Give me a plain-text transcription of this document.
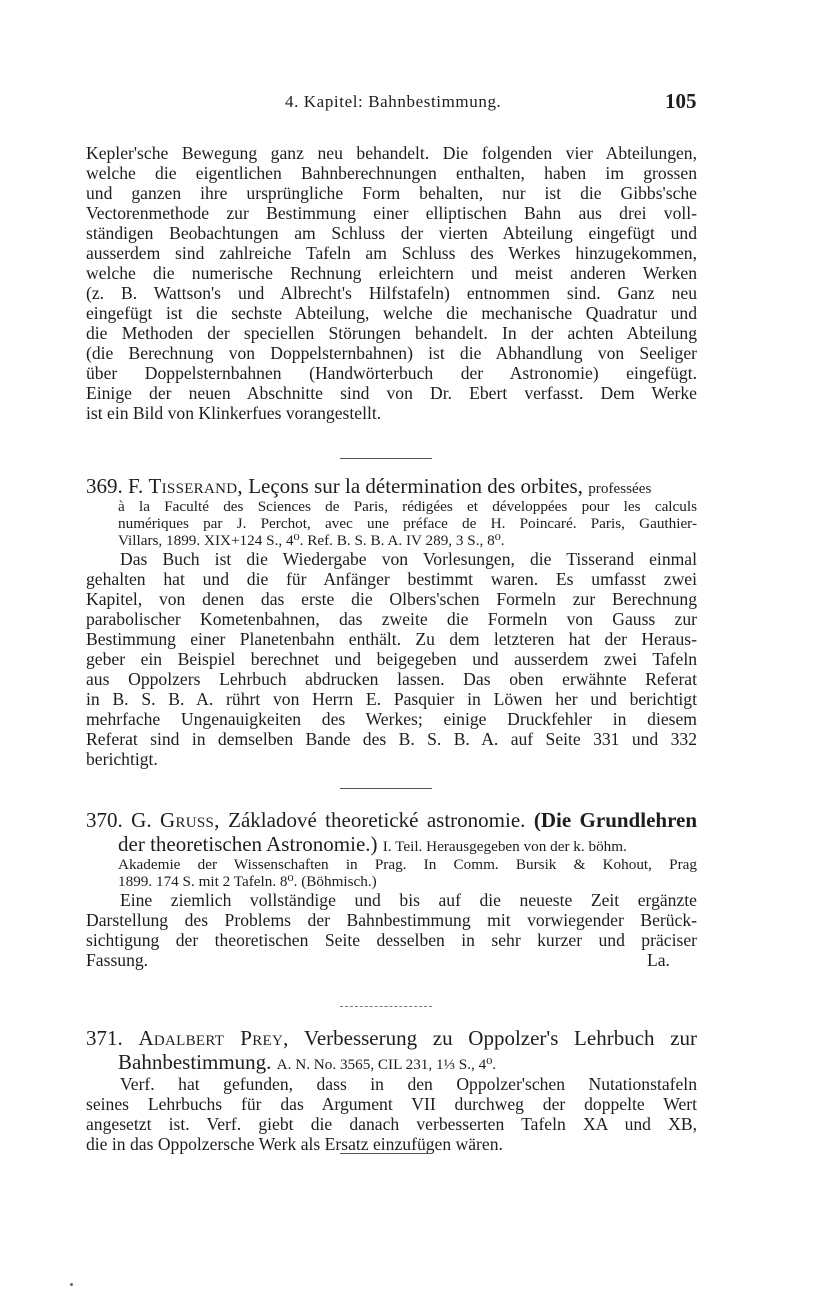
4. Kapitel: Bahnbestimmung.	105
Kepler'sche Bewegung ganz neu behandelt. Die folgenden vier Abteilungen,
welche die eigentlichen Bahnberechnungen enthalten, haben im grossen
und ganzen ihre ursprüngliche Form behalten, nur ist die Gibbs'sche
Vectorenmethode zur Bestimmung einer elliptischen Bahn aus drei voll-
ständigen Beobachtungen am Schluss der vierten Abteilung eingefügt und
ausserdem sind zahlreiche Tafeln am Schluss des Werkes hinzugekommen,
welche die numerische Rechnung erleichtern und meist anderen Werken
(z. B. Wattson's und Albrecht's Hilfstafeln) entnommen sind. Ganz neu
eingefügt ist die sechste Abteilung, welche die mechanische Quadratur und
die Methoden der speciellen Störungen behandelt. In der achten Abteilung
(die Berechnung von Doppelsternbahnen) ist die Abhandlung von Seeliger
über Doppelsternbahnen (Handwörterbuch der Astronomie) eingefügt.
Einige der neuen Abschnitte sind von Dr. Ebert verfasst. Dem Werke
ist ein Bild von Klinkerfues vorangestellt.
369. F. Tisserand, Leçons sur la détermination des orbites, professées
à la Faculté des Sciences de Paris, rédigées et développées pour les calculs
numériques par J. Perchot, avec une préface de H. Poincaré. Paris, Gauthier-
Villars, 1899. XIX+124 S., 4⁰. Ref. B. S. B. A. IV 289, 3 S., 8⁰.
Das Buch ist die Wiedergabe von Vorlesungen, die Tisserand einmal
gehalten hat und die für Anfänger bestimmt waren. Es umfasst zwei
Kapitel, von denen das erste die Olbers'schen Formeln zur Berechnung
parabolischer Kometenbahnen, das zweite die Formeln von Gauss zur
Bestimmung einer Planetenbahn enthält. Zu dem letzteren hat der Heraus-
geber ein Beispiel berechnet und beigegeben und ausserdem zwei Tafeln
aus Oppolzers Lehrbuch abdrucken lassen. Das oben erwähnte Referat
in B. S. B. A. rührt von Herrn E. Pasquier in Löwen her und berichtigt
mehrfache Ungenauigkeiten des Werkes; einige Druckfehler in diesem
Referat sind in demselben Bande des B. S. B. A. auf Seite 331 und 332
berichtigt.
370. G. Gruss, Základové theoretické astronomie. (Die Grundlehren
der theoretischen Astronomie.) I. Teil. Herausgegeben von der k. böhm.
Akademie der Wissenschaften in Prag. In Comm. Bursik & Kohout, Prag
1899. 174 S. mit 2 Tafeln. 8⁰. (Böhmisch.)
Eine ziemlich vollständige und bis auf die neueste Zeit ergänzte
Darstellung des Problems der Bahnbestimmung mit vorwiegender Berück-
sichtigung der theoretischen Seite desselben in sehr kurzer und präciser
Fassung.	La.
371. Adalbert Prey, Verbesserung zu Oppolzer's Lehrbuch zur
Bahnbestimmung. A. N. No. 3565, CIL 231, 1⅓ S., 4⁰.
Verf. hat gefunden, dass in den Oppolzer'schen Nutationstafeln
seines Lehrbuchs für das Argument VII durchweg der doppelte Wert
angesetzt ist. Verf. giebt die danach verbesserten Tafeln XA und XB,
die in das Oppolzersche Werk als Ersatz einzufügen wären.
